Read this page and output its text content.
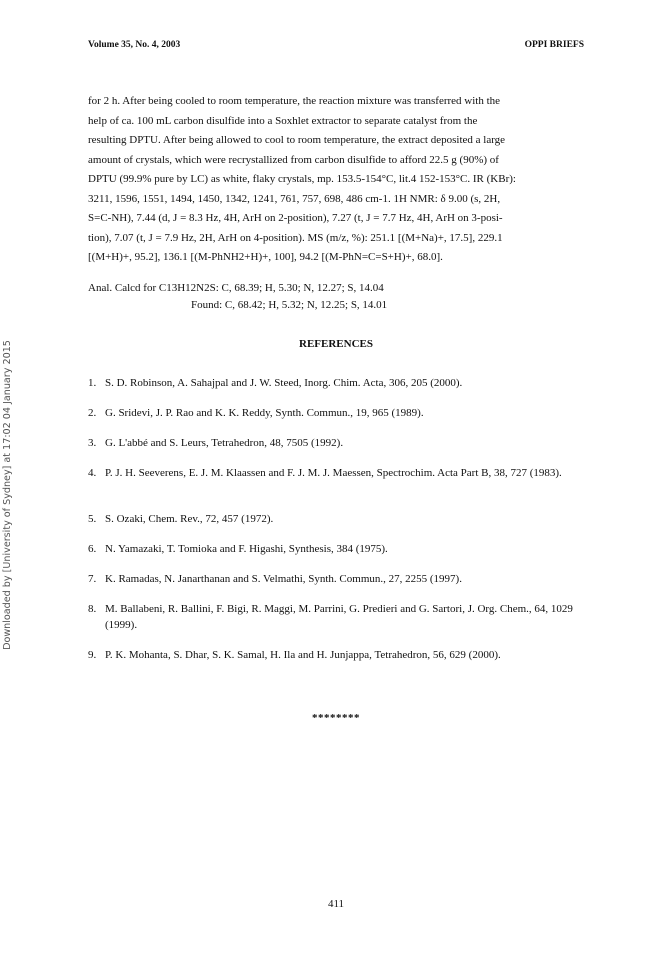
Volume 35, No. 4, 2003	OPPI BRIEFS
Downloaded by [University of Sydney] at 17:02 04 January 2015
for 2 h. After being cooled to room temperature, the reaction mixture was transferred with the
help of ca. 100 mL carbon disulfide into a Soxhlet extractor to separate catalyst from the
resulting DPTU. After being allowed to cool to room temperature, the extract deposited a large
amount of crystals, which were recrystallized from carbon disulfide to afford 22.5 g (90%) of
DPTU (99.9% pure by LC) as white, flaky crystals, mp. 153.5-154°C, lit.4 152-153°C. IR (KBr):
3211, 1596, 1551, 1494, 1450, 1342, 1241, 761, 757, 698, 486 cm-1. 1H NMR: δ 9.00 (s, 2H,
S=C-NH), 7.44 (d, J = 8.3 Hz, 4H, ArH on 2-position), 7.27 (t, J = 7.7 Hz, 4H, ArH on 3-posi-
tion), 7.07 (t, J = 7.9 Hz, 2H, ArH on 4-position). MS (m/z, %): 251.1 [(M+Na)+, 17.5], 229.1
[(M+H)+, 95.2], 136.1 [(M-PhNH2+H)+, 100], 94.2 [(M-PhN=C=S+H)+, 68.0].
Anal. Calcd for C13H12N2S: C, 68.39; H, 5.30; N, 12.27; S, 14.04
Found: C, 68.42; H, 5.32; N, 12.25; S, 14.01
REFERENCES
1. S. D. Robinson, A. Sahajpal and J. W. Steed, Inorg. Chim. Acta, 306, 205 (2000).
2. G. Sridevi, J. P. Rao and K. K. Reddy, Synth. Commun., 19, 965 (1989).
3. G. L'abbé and S. Leurs, Tetrahedron, 48, 7505 (1992).
4. P. J. H. Seeverens, E. J. M. Klaassen and F. J. M. J. Maessen, Spectrochim. Acta Part B, 38, 727 (1983).
5. S. Ozaki, Chem. Rev., 72, 457 (1972).
6. N. Yamazaki, T. Tomioka and F. Higashi, Synthesis, 384 (1975).
7. K. Ramadas, N. Janarthanan and S. Velmathi, Synth. Commun., 27, 2255 (1997).
8. M. Ballabeni, R. Ballini, F. Bigi, R. Maggi, M. Parrini, G. Predieri and G. Sartori, J. Org. Chem., 64, 1029 (1999).
9. P. K. Mohanta, S. Dhar, S. K. Samal, H. Ila and H. Junjappa, Tetrahedron, 56, 629 (2000).
********
411
